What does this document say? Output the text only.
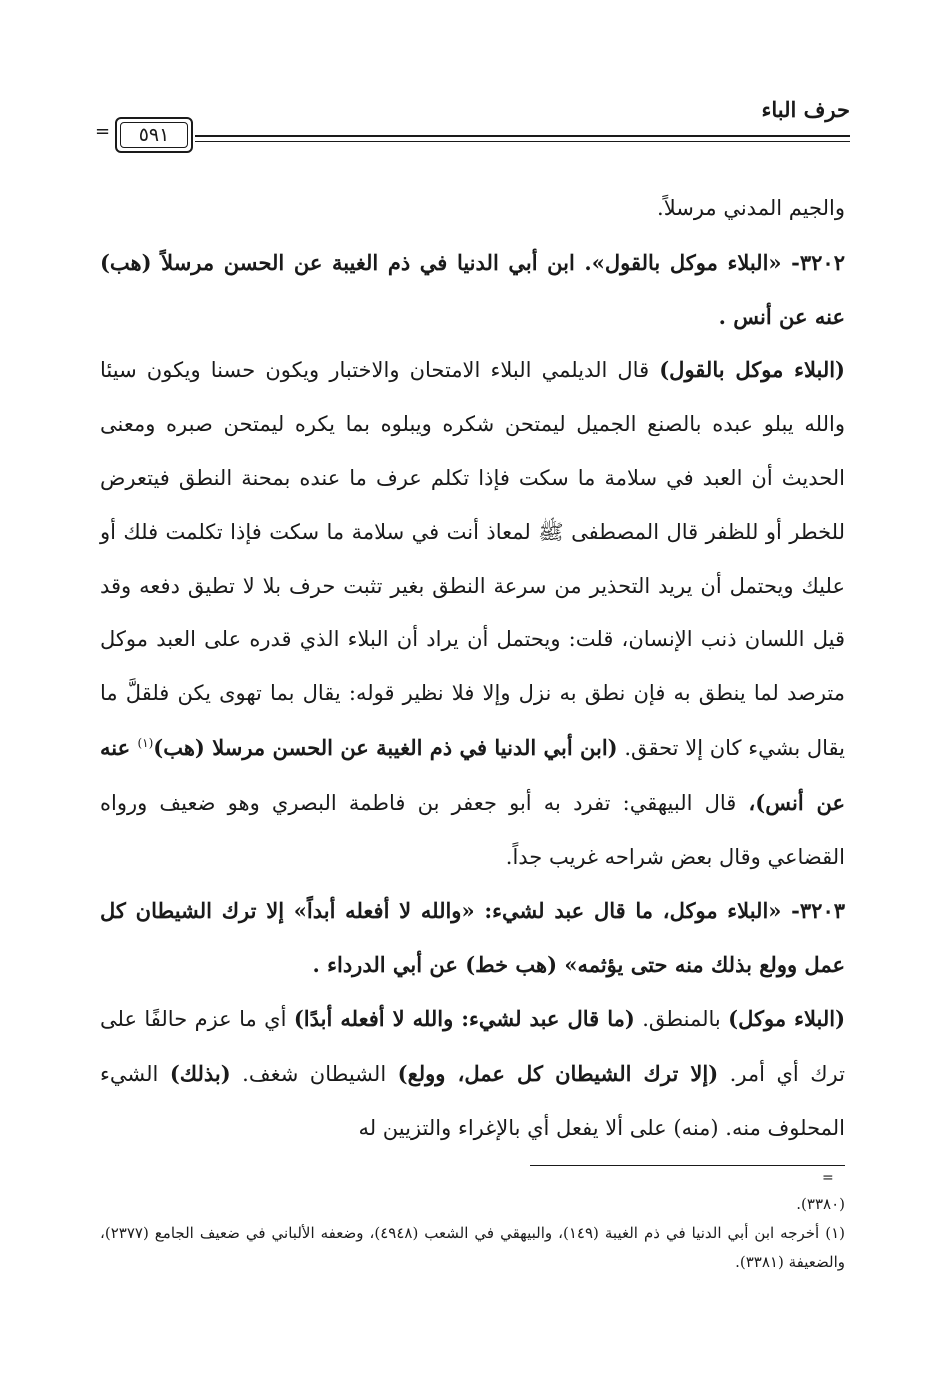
حرف الباء
٥٩١
=

والجيم المدني مرسلاً.

٣٢٠٢- «البلاء موكل بالقول». ابن أبي الدنيا في ذم الغيبة عن الحسن مرسلاً (هب) عنه عن أنس .

(البلاء موكل بالقول) قال الديلمي البلاء الامتحان والاختبار ويكون حسنا ويكون سيئا والله يبلو عبده بالصنع الجميل ليمتحن شكره ويبلوه بما يكره ليمتحن صبره ومعنى الحديث أن العبد في سلامة ما سكت فإذا تكلم عرف ما عنده بمحنة النطق فيتعرض للخطر أو للظفر قال المصطفى ﷺ لمعاذ أنت في سلامة ما سكت فإذا تكلمت فلك أو عليك ويحتمل أن يريد التحذير من سرعة النطق بغير تثبت حرف بلا لا تطيق دفعه وقد قيل اللسان ذنب الإنسان، قلت: ويحتمل أن يراد أن البلاء الذي قدره على العبد موكل مترصد لما ينطق به فإن نطق به نزل وإلا فلا نظير قوله: يقال بما تهوى يكن فلقلَّ ما يقال بشيء كان إلا تحقق. (ابن أبي الدنيا في ذم الغيبة عن الحسن مرسلا (هب)$^{(١)}$ عنه عن أنس)، قال البيهقي: تفرد به أبو جعفر بن فاطمة البصري وهو ضعيف ورواه القضاعي وقال بعض شراحه غريب جداً.

٣٢٠٣- «البلاء موكل، ما قال عبد لشيء: «والله لا أفعله أبداً» إلا ترك الشيطان كل عمل وولع بذلك منه حتى يؤثمه» (هب خط) عن أبي الدرداء .

(البلاء موكل) بالمنطق. (ما قال عبد لشيء: والله لا أفعله أبدًا) أي ما عزم حالفًا على ترك أي أمر. (إلا ترك الشيطان كل عمل، وولع) الشيطان شغف. (بذلك) الشيء المحلوف منه. (منه) على ألا يفعل أي بالإغراء والتزيين له

=

(٣٣٨٠).

(١) أخرجه ابن أبي الدنيا في ذم الغيبة (١٤٩)، والبيهقي في الشعب (٤٩٤٨)، وضعفه الألباني في ضعيف الجامع (٢٣٧٧)، والضعيفة (٣٣٨١).
